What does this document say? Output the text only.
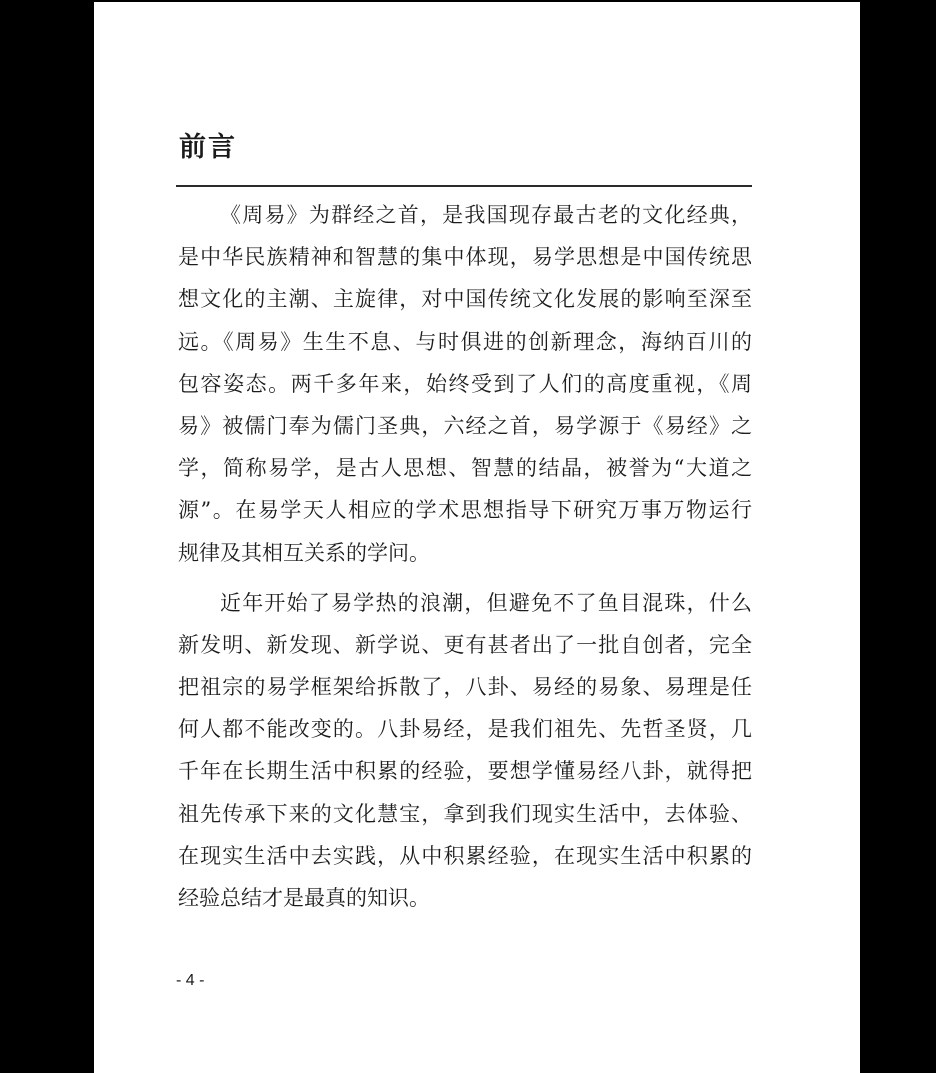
前言

《周易》为群经之首，是我国现存最古老的文化经典，
是中华民族精神和智慧的集中体现，易学思想是中国传统思
想文化的主潮、主旋律，对中国传统文化发展的影响至深至
远。《周易》生生不息、与时俱进的创新理念，海纳百川的
包容姿态。两千多年来，始终受到了人们的高度重视，《周
易》被儒门奉为儒门圣典，六经之首，易学源于《易经》之
学，简称易学，是古人思想、智慧的结晶，被誉为“大道之
源”。在易学天人相应的学术思想指导下研究万事万物运行
规律及其相互关系的学问。

近年开始了易学热的浪潮，但避免不了鱼目混珠，什么
新发明、新发现、新学说、更有甚者出了一批自创者，完全
把祖宗的易学框架给拆散了，八卦、易经的易象、易理是任
何人都不能改变的。八卦易经，是我们祖先、先哲圣贤，几
千年在长期生活中积累的经验，要想学懂易经八卦，就得把
祖先传承下来的文化慧宝，拿到我们现实生活中，去体验、
在现实生活中去实践，从中积累经验，在现实生活中积累的
经验总结才是最真的知识。

- 4 -
